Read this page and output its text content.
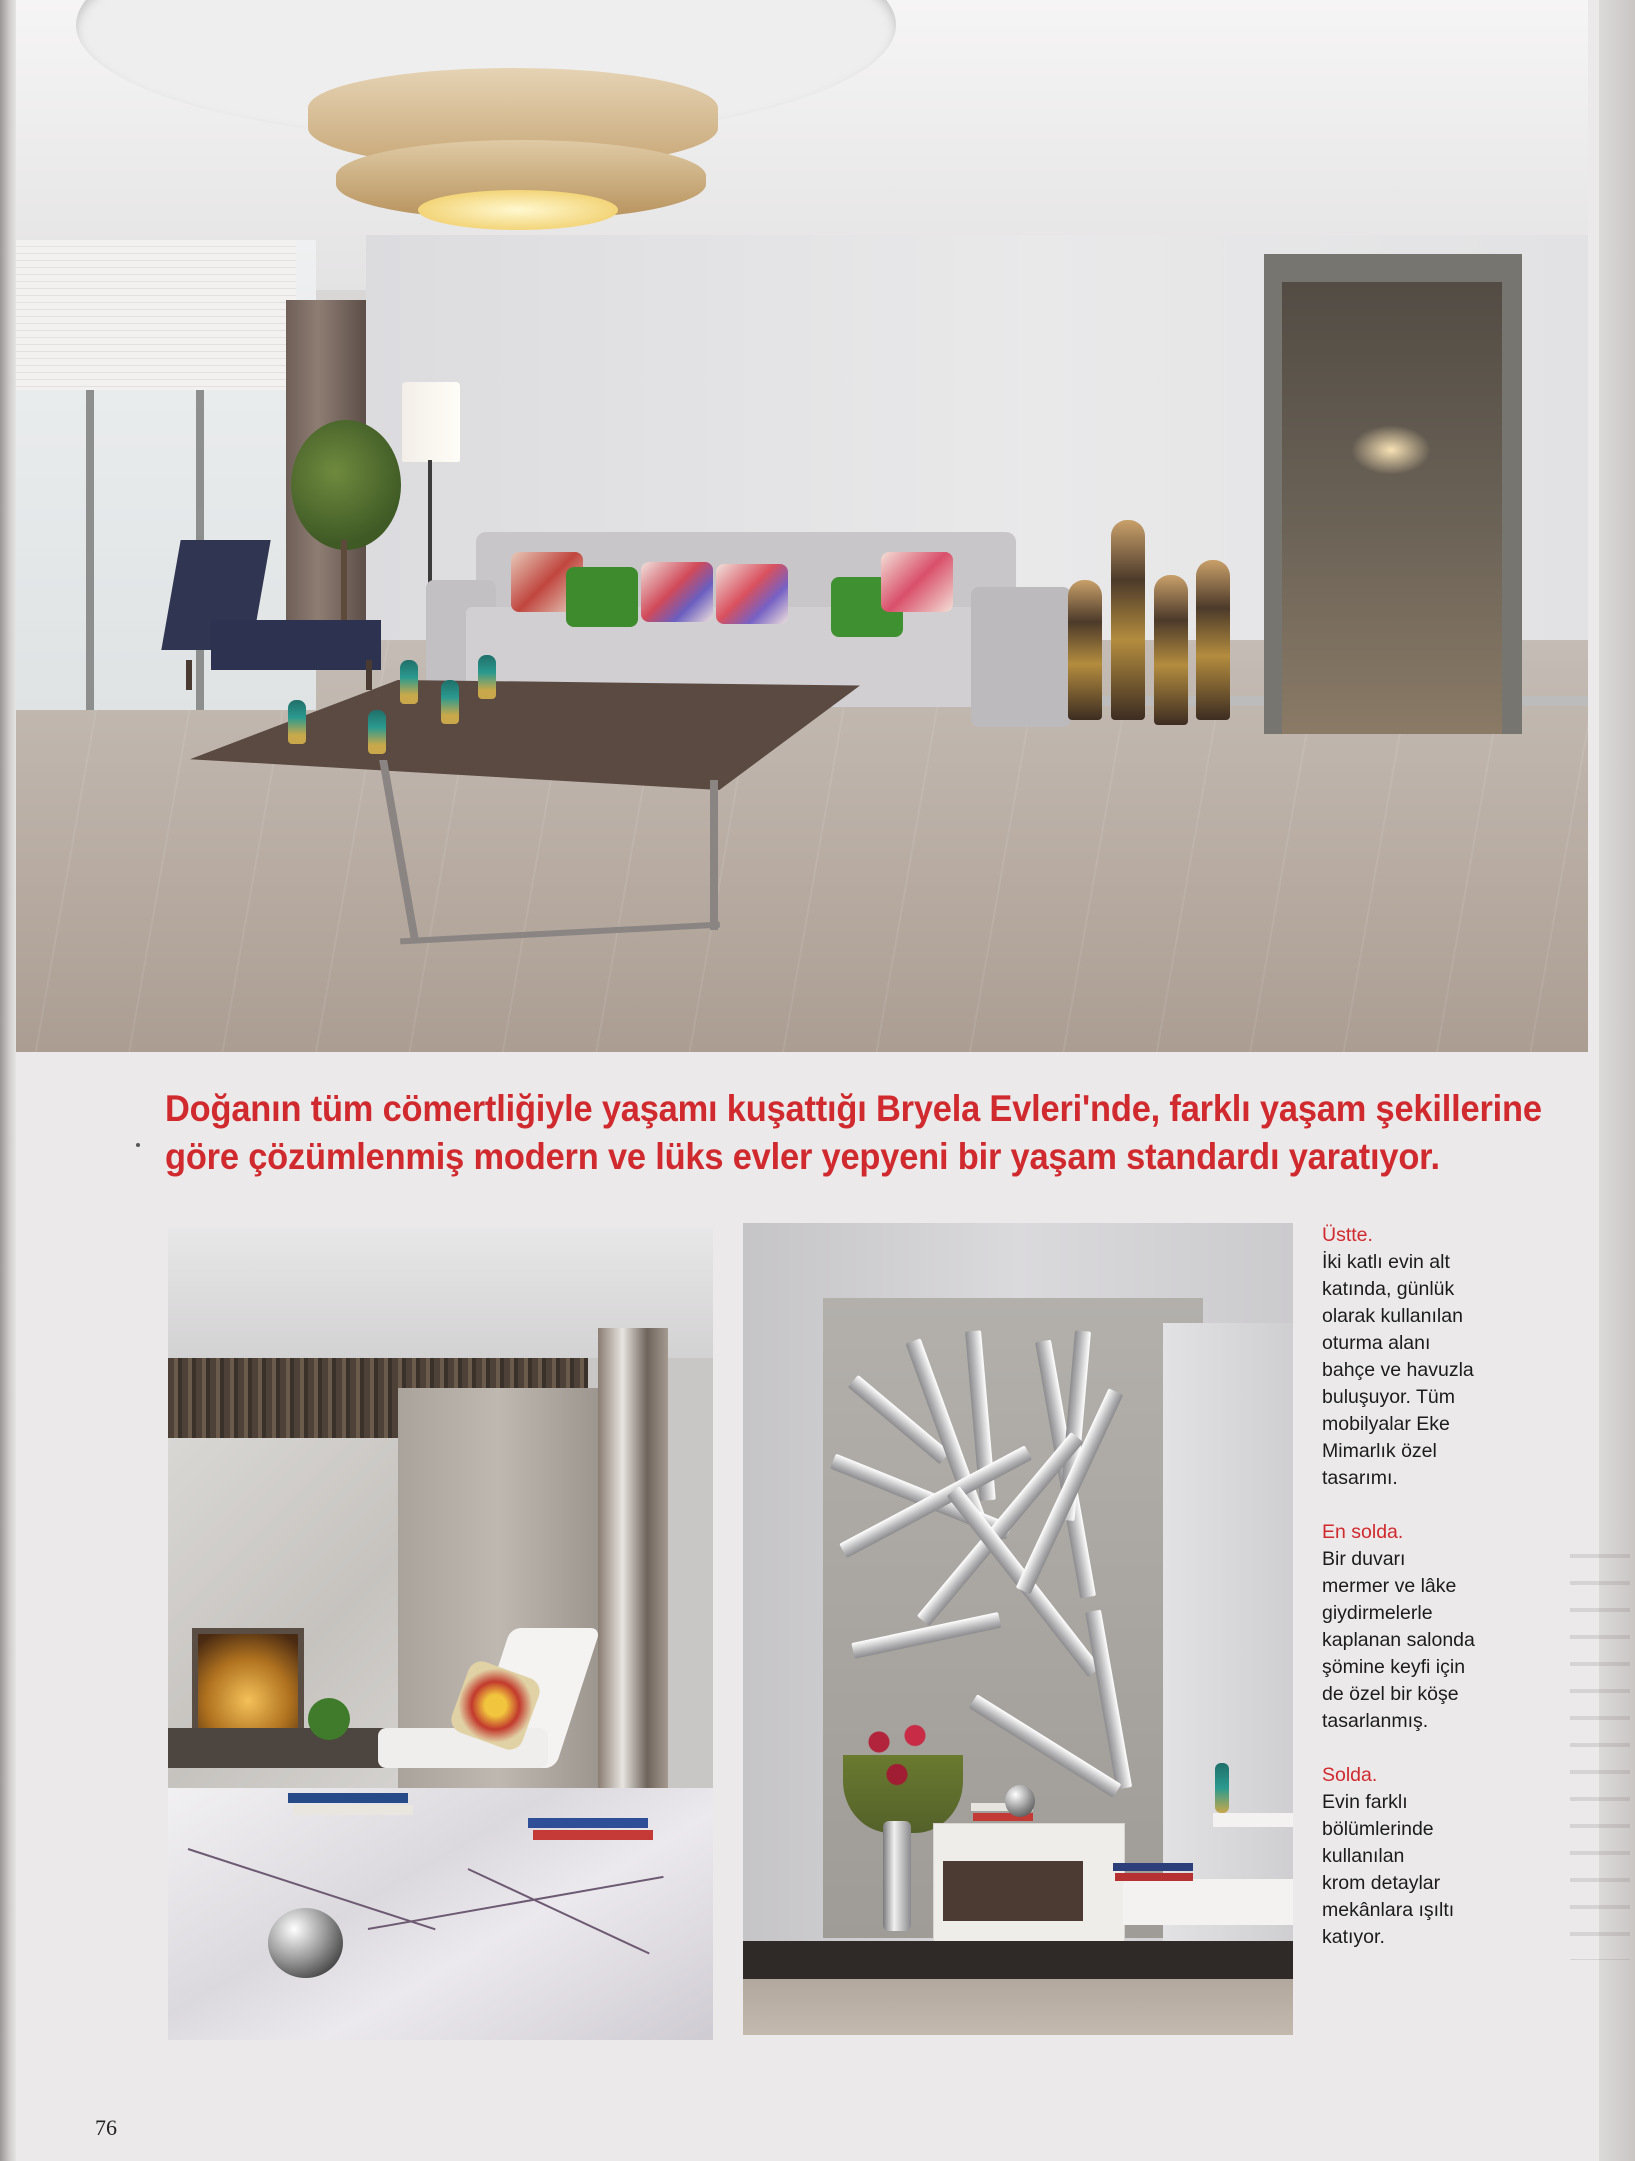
Doğanın tüm cömertliğiyle yaşamı kuşattığı Bryela Evleri'nde, farklı yaşam şekillerine
göre çözümlenmiş modern ve lüks evler yepyeni bir yaşam standardı yaratıyor.
Üstte.
İki katlı evin alt
katında, günlük
olarak kullanılan
oturma alanı
bahçe ve havuzla
buluşuyor. Tüm
mobilyalar Eke
Mimarlık özel
tasarımı.
En solda.
Bir duvarı
mermer ve lâke
giydirmelerle
kaplanan salonda
şömine keyfi için
de özel bir köşe
tasarlanmış.
Solda.
Evin farklı
bölümlerinde
kullanılan
krom detaylar
mekânlara ışıltı
katıyor.
76
